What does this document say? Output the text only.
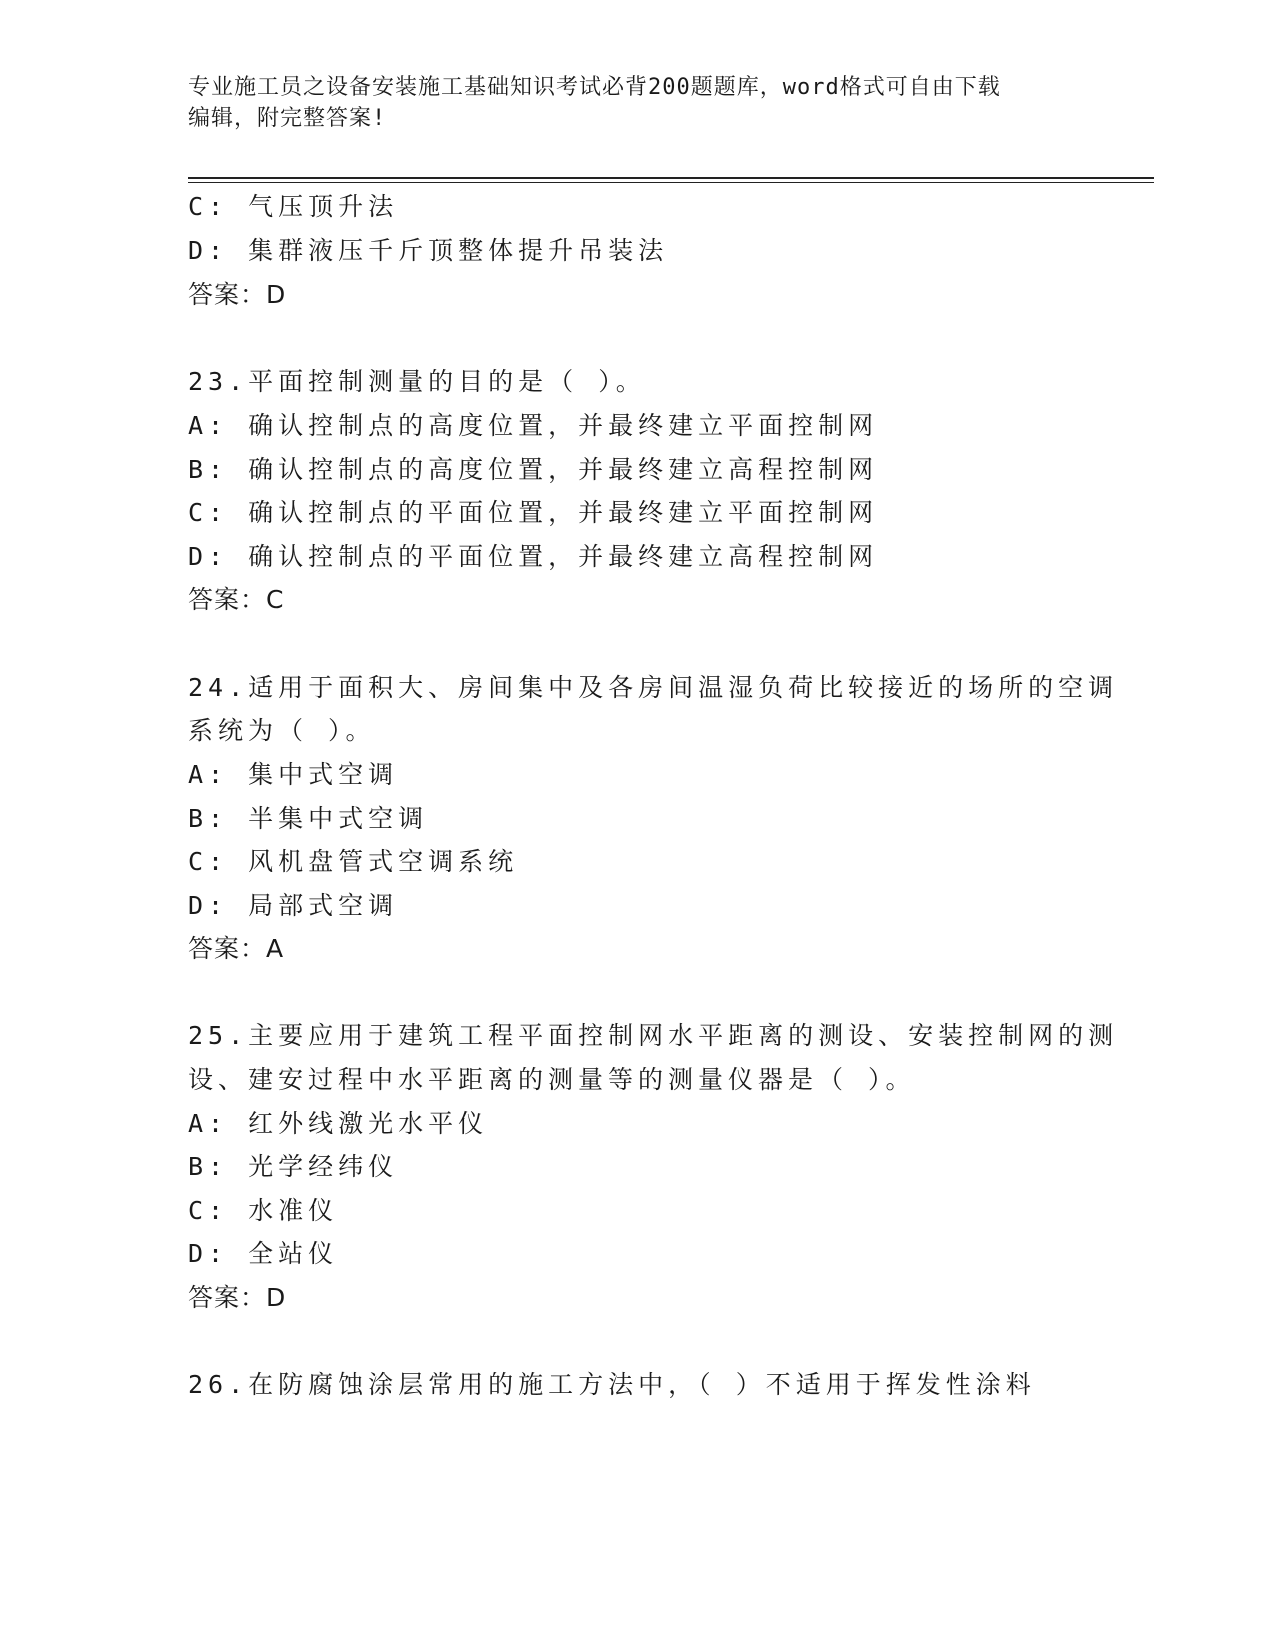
专业施工员之设备安装施工基础知识考试必背200题题库，word格式可自由下载
编辑，附完整答案!
C: 气压顶升法
D: 集群液压千斤顶整体提升吊装法
答案：D
23.平面控制测量的目的是（ ）。
A: 确认控制点的高度位置，并最终建立平面控制网
B: 确认控制点的高度位置，并最终建立高程控制网
C: 确认控制点的平面位置，并最终建立平面控制网
D: 确认控制点的平面位置，并最终建立高程控制网
答案：C
24.适用于面积大、房间集中及各房间温湿负荷比较接近的场所的空调
系统为（ ）。
A: 集中式空调
B: 半集中式空调
C: 风机盘管式空调系统
D: 局部式空调
答案：A
25.主要应用于建筑工程平面控制网水平距离的测设、安装控制网的测
设、建安过程中水平距离的测量等的测量仪器是（ ）。
A: 红外线激光水平仪
B: 光学经纬仪
C: 水准仪
D: 全站仪
答案：D
26.在防腐蚀涂层常用的施工方法中，（ ）不适用于挥发性涂料
